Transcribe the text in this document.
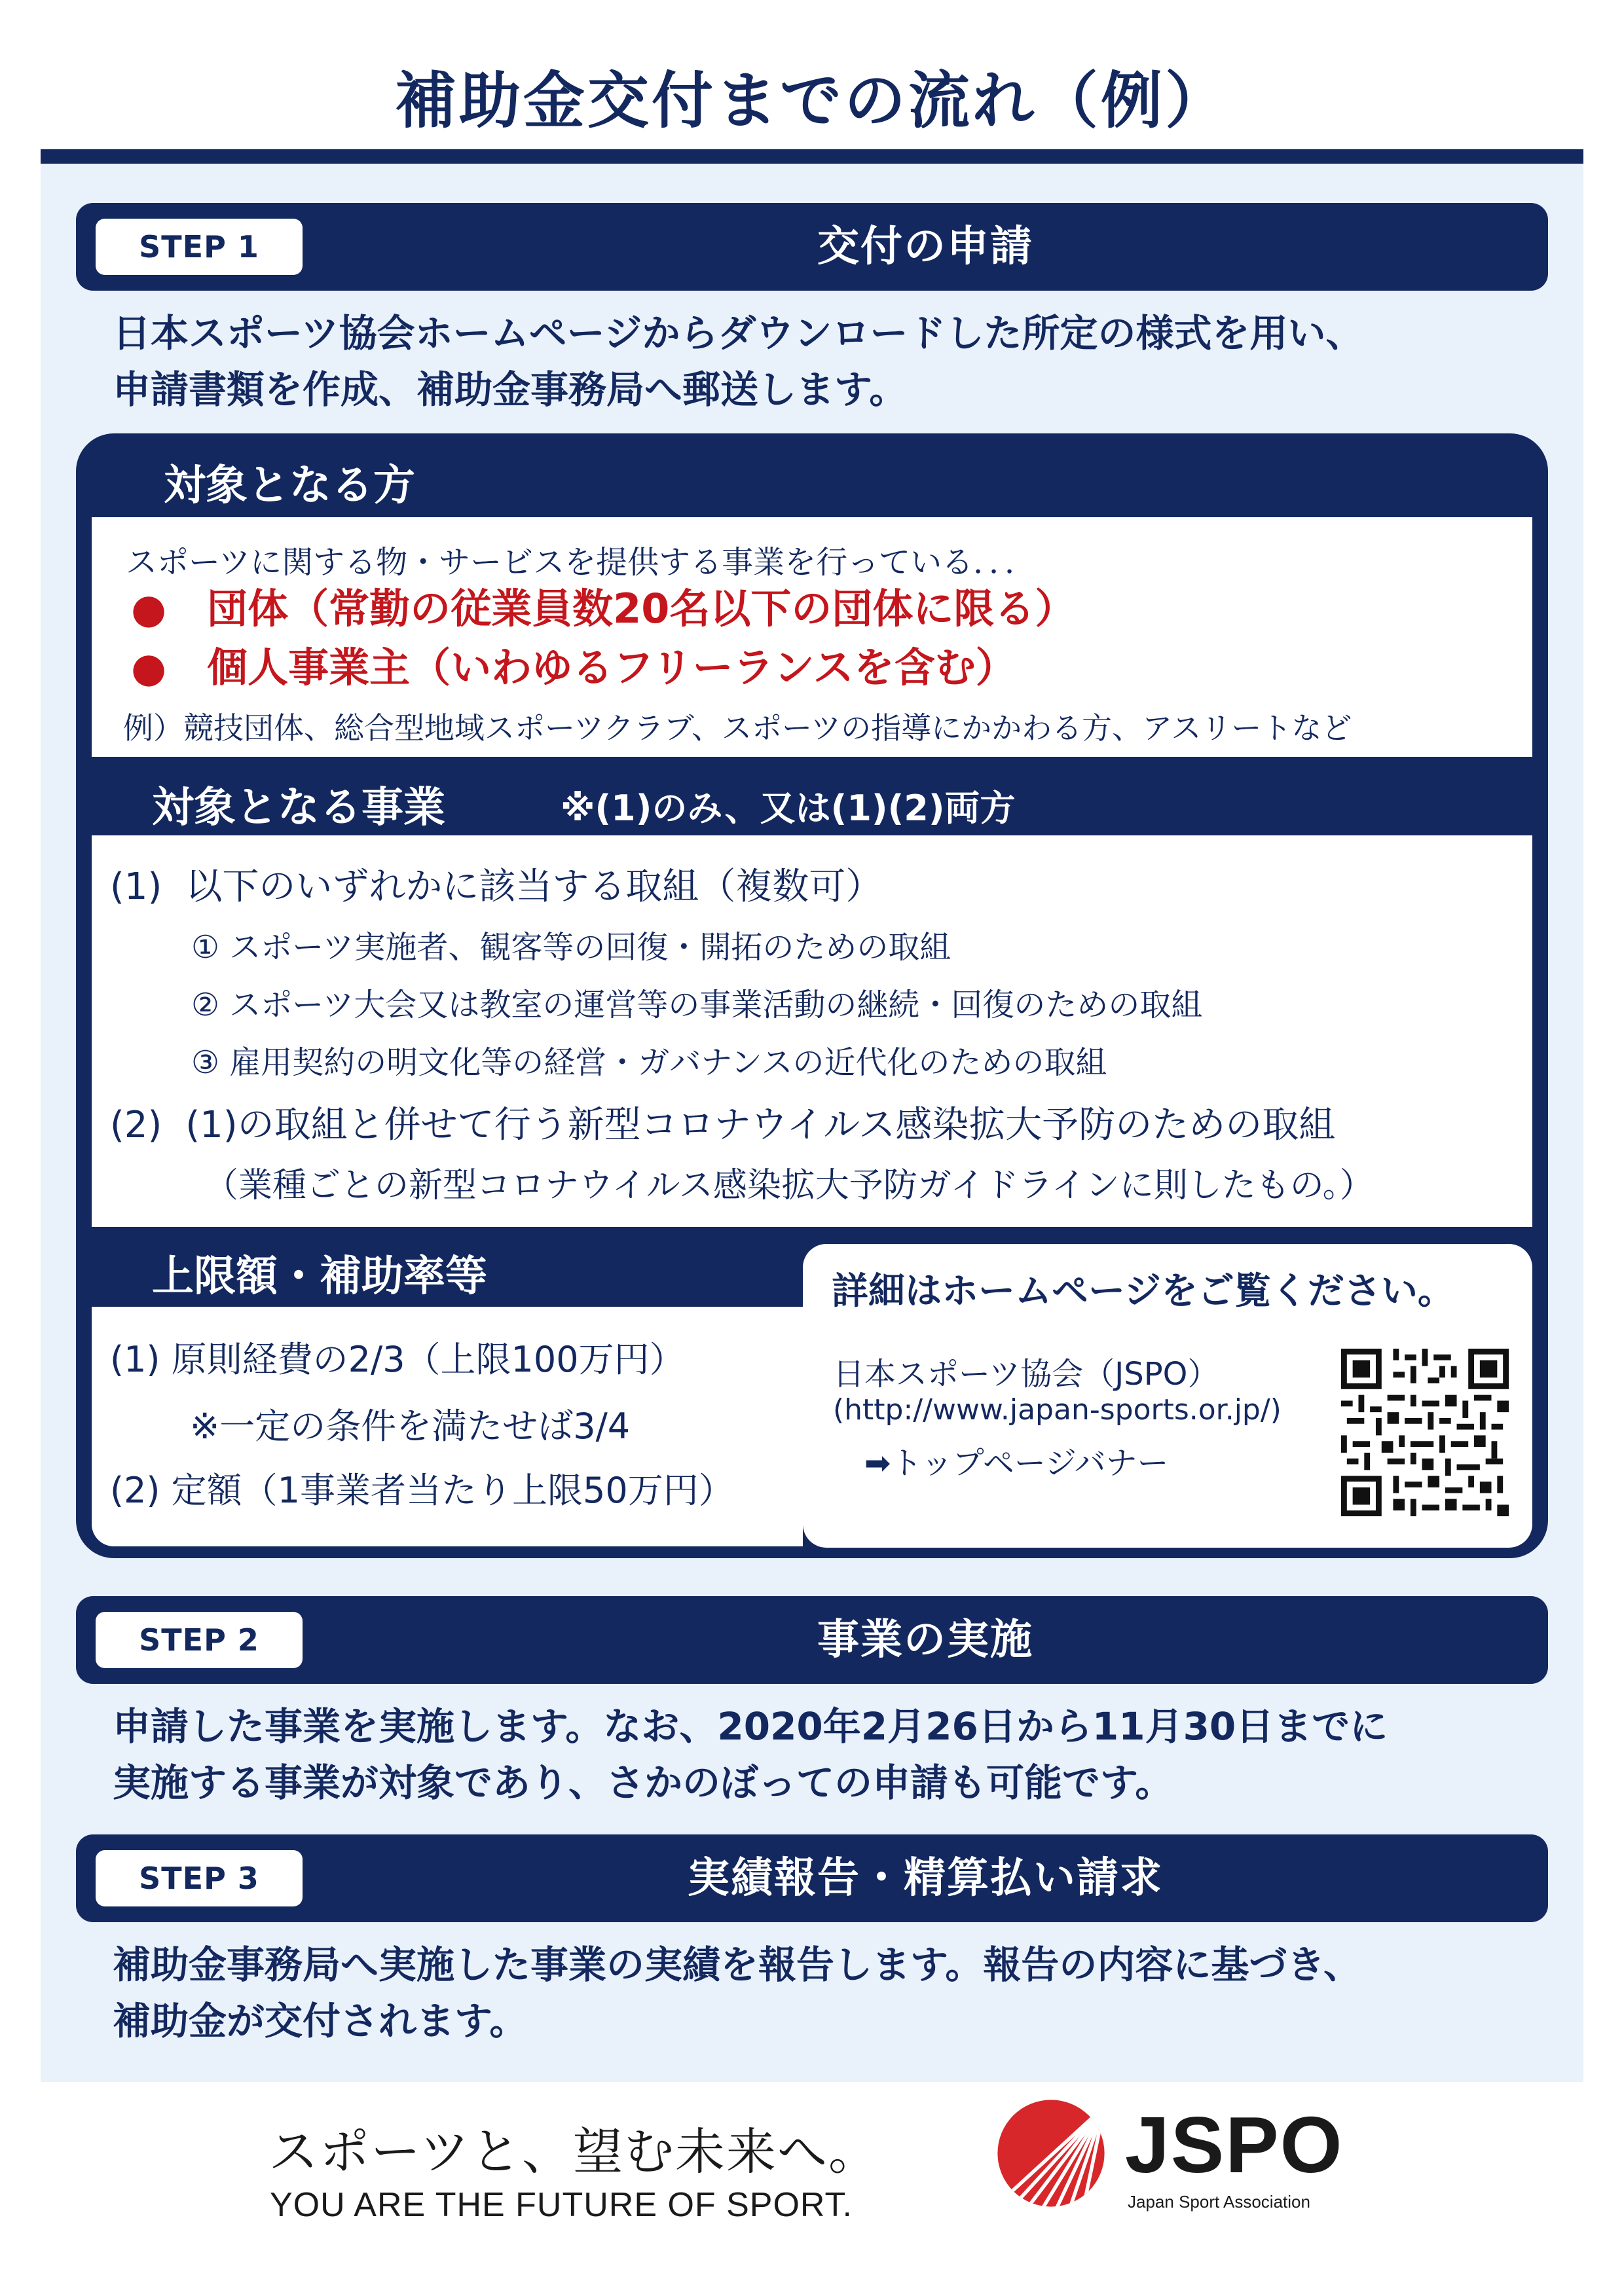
補助金交付までの流れ（例）
STEP 1	交付の申請
日本スポーツ協会ホームページからダウンロードした所定の様式を用い、
申請書類を作成、補助金事務局へ郵送します。
対象となる方
スポーツに関する物・サービスを提供する事業を行っている．．．
● 団体（常勤の従業員数20名以下の団体に限る）
● 個人事業主（いわゆるフリーランスを含む）
例）競技団体、総合型地域スポーツクラブ、スポーツの指導にかかわる方、アスリートなど
対象となる事業	※(1)のみ、又は(1)(2)両方
(1) 以下のいずれかに該当する取組（複数可）
① スポーツ実施者、観客等の回復・開拓のための取組
② スポーツ大会又は教室の運営等の事業活動の継続・回復のための取組
③ 雇用契約の明文化等の経営・ガバナンスの近代化のための取組
(2) (1)の取組と併せて行う新型コロナウイルス感染拡大予防のための取組
（業種ごとの新型コロナウイルス感染拡大予防ガイドラインに則したもの。）
上限額・補助率等
(1) 原則経費の2/3（上限100万円）
※一定の条件を満たせば3/4
(2) 定額（1事業者当たり上限50万円）
詳細はホームページをご覧ください。
日本スポーツ協会（JSPO）
(http://www.japan-sports.or.jp/)
➡トップページバナー
STEP 2	事業の実施
申請した事業を実施します。なお、2020年2月26日から11月30日までに
実施する事業が対象であり、さかのぼっての申請も可能です。
STEP 3	実績報告・精算払い請求
補助金事務局へ実施した事業の実績を報告します。報告の内容に基づき、
補助金が交付されます。
スポーツと、望む未来へ。
YOU ARE THE FUTURE OF SPORT.
JSPO
Japan Sport Association
